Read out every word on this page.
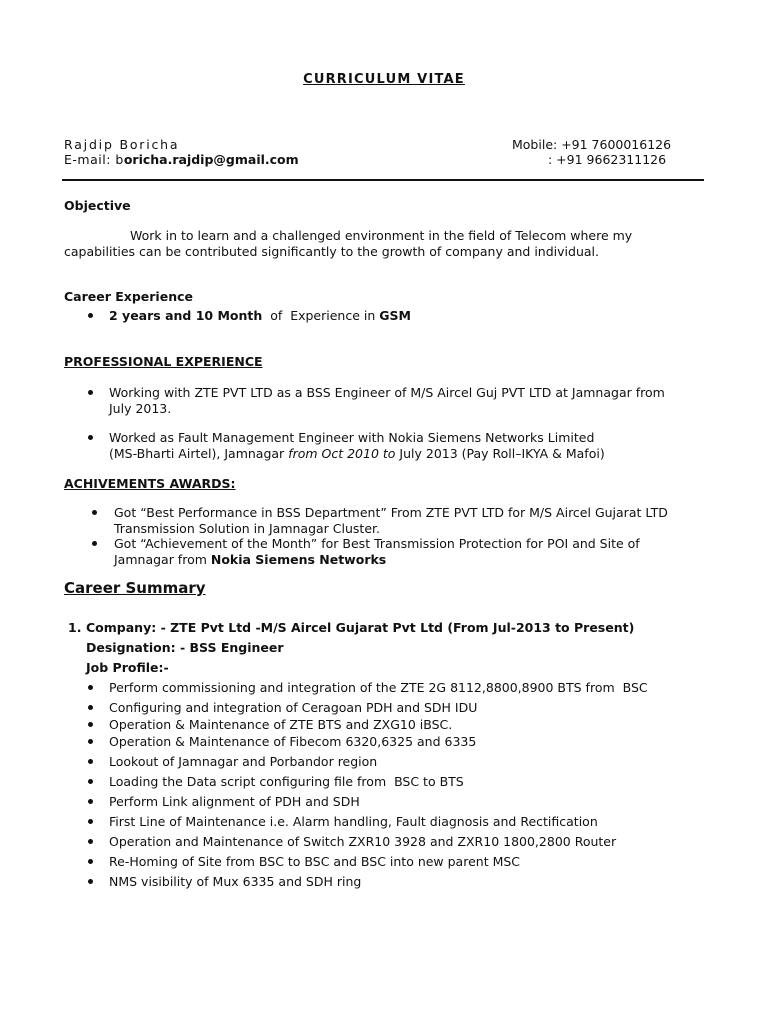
CURRICULUM VITAE
Rajdip Boricha
E-mail: boricha.rajdip@gmail.com
Mobile: +91 7600016126
: +91 9662311126
Objective
Work in to learn and a challenged environment in the field of Telecom where my
capabilities can be contributed significantly to the growth of company and individual.
Career Experience
2 years and 10 Month  of  Experience in GSM
PROFESSIONAL EXPERIENCE
Working with ZTE PVT LTD as a BSS Engineer of M/S Aircel Guj PVT LTD at Jamnagar from
July 2013.
Worked as Fault Management Engineer with Nokia Siemens Networks Limited
(MS-Bharti Airtel), Jamnagar from Oct 2010 to July 2013 (Pay Roll–IKYA & Mafoi)
ACHIVEMENTS AWARDS:
Got “Best Performance in BSS Department” From ZTE PVT LTD for M/S Aircel Gujarat LTD
Transmission Solution in Jamnagar Cluster.
Got “Achievement of the Month” for Best Transmission Protection for POI and Site of
Jamnagar from Nokia Siemens Networks
Career Summary
1. Company: - ZTE Pvt Ltd -M/S Aircel Gujarat Pvt Ltd (From Jul-2013 to Present)
Designation: - BSS Engineer
Job Profile:-
Perform commissioning and integration of the ZTE 2G 8112,8800,8900 BTS from  BSC
Configuring and integration of Ceragoan PDH and SDH IDU
Operation & Maintenance of ZTE BTS and ZXG10 iBSC.
Operation & Maintenance of Fibecom 6320,6325 and 6335
Lookout of Jamnagar and Porbandor region
Loading the Data script configuring file from  BSC to BTS
Perform Link alignment of PDH and SDH
First Line of Maintenance i.e. Alarm handling, Fault diagnosis and Rectification
Operation and Maintenance of Switch ZXR10 3928 and ZXR10 1800,2800 Router
Re-Homing of Site from BSC to BSC and BSC into new parent MSC
NMS visibility of Mux 6335 and SDH ring
